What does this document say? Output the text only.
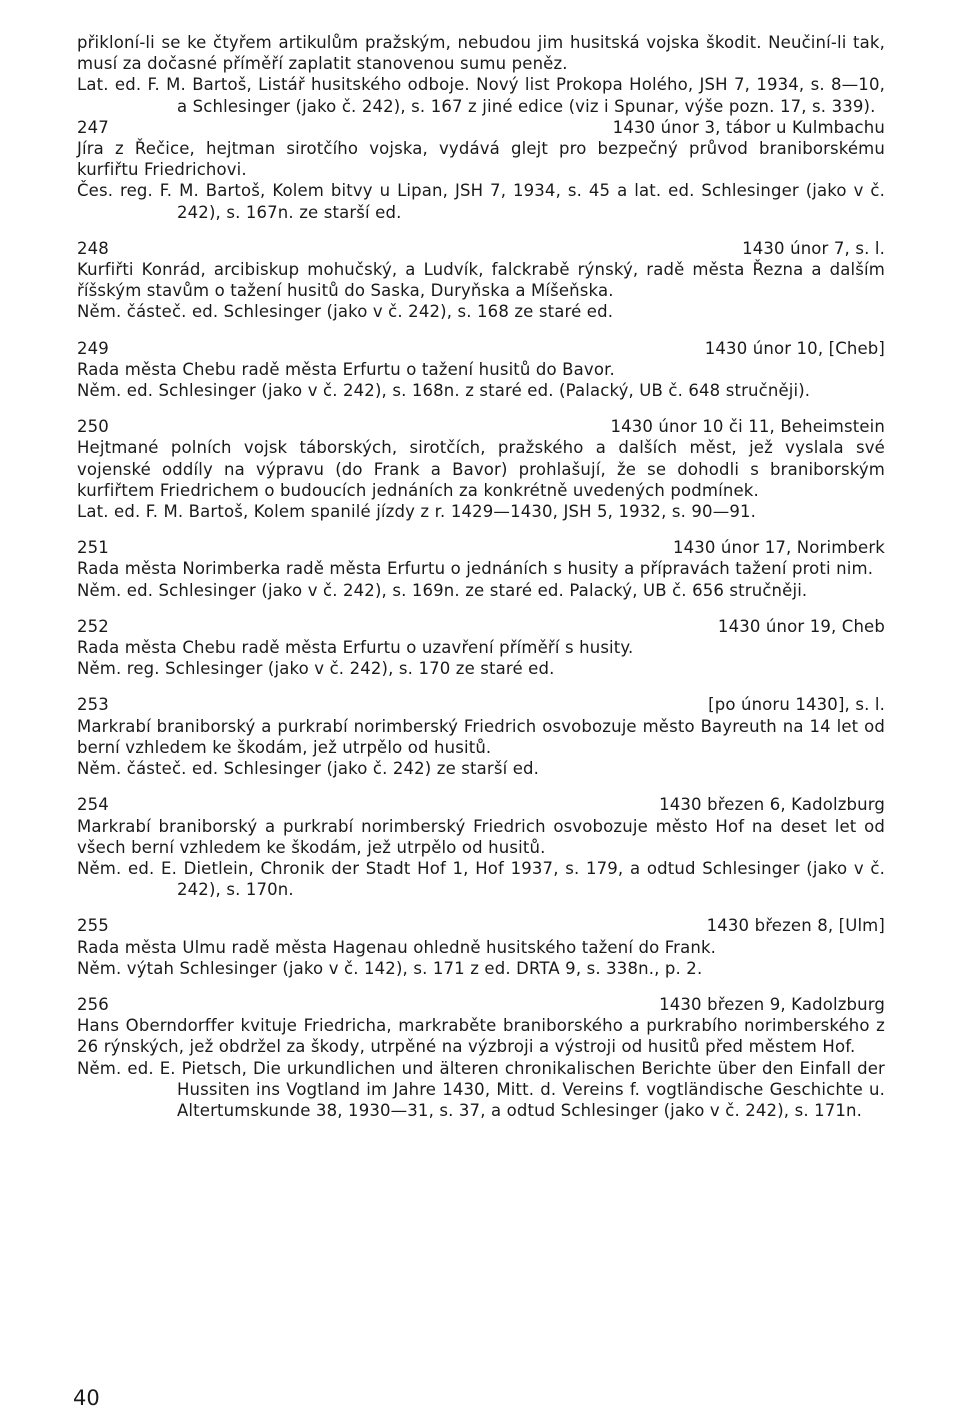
přikloní-li se ke čtyřem artikulům pražským, nebudou jim husitská vojska škodit. Neučiní-li tak, musí za dočasné příměří zaplatit stanovenou sumu peněz.

Lat. ed. F. M. Bartoš, Listář husitského odboje. Nový list Prokopa Holého, JSH 7, 1934, s. 8—10, a Schlesinger (jako č. 242), s. 167 z jiné edice (viz i Spunar, výše pozn. 17, s. 339).

247	1430 únor 3, tábor u Kulmbachu

Jíra z Řečice, hejtman sirotčího vojska, vydává glejt pro bezpečný průvod braniborskému kurfiřtu Friedrichovi.

Čes. reg. F. M. Bartoš, Kolem bitvy u Lipan, JSH 7, 1934, s. 45 a lat. ed. Schlesinger (jako v č. 242), s. 167n. ze starší ed.

248	1430 únor 7, s. l.

Kurfiřti Konrád, arcibiskup mohučský, a Ludvík, falckrabě rýnský, radě města Řezna a dalším říšským stavům o tažení husitů do Saska, Duryňska a Míšeňska.

Něm. částeč. ed. Schlesinger (jako v č. 242), s. 168 ze staré ed.

249	1430 únor 10, [Cheb]

Rada města Chebu radě města Erfurtu o tažení husitů do Bavor.

Něm. ed. Schlesinger (jako v č. 242), s. 168n. z staré ed. (Palacký, UB č. 648 stručněji).

250	1430 únor 10 či 11, Beheimstein

Hejtmané polních vojsk táborských, sirotčích, pražského a dalších měst, jež vyslala své vojenské oddíly na výpravu (do Frank a Bavor) prohlašují, že se dohodli s braniborským kurfiřtem Friedrichem o budoucích jednáních za konkrétně uvedených podmínek.

Lat. ed. F. M. Bartoš, Kolem spanilé jízdy z r. 1429—1430, JSH 5, 1932, s. 90—91.

251	1430 únor 17, Norimberk

Rada města Norimberka radě města Erfurtu o jednáních s husity a přípravách tažení proti nim.

Něm. ed. Schlesinger (jako v č. 242), s. 169n. ze staré ed. Palacký, UB č. 656 stručněji.

252	1430 únor 19, Cheb

Rada města Chebu radě města Erfurtu o uzavření příměří s husity.

Něm. reg. Schlesinger (jako v č. 242), s. 170 ze staré ed.

253	[po únoru 1430], s. l.

Markrabí braniborský a purkrabí norimberský Friedrich osvobozuje město Bayreuth na 14 let od berní vzhledem ke škodám, jež utrpělo od husitů.

Něm. částeč. ed. Schlesinger (jako č. 242) ze starší ed.

254	1430 březen 6, Kadolzburg

Markrabí braniborský a purkrabí norimberský Friedrich osvobozuje město Hof na deset let od všech berní vzhledem ke škodám, jež utrpělo od husitů.

Něm. ed. E. Dietlein, Chronik der Stadt Hof 1, Hof 1937, s. 179, a odtud Schlesinger (jako v č. 242), s. 170n.

255	1430 březen 8, [Ulm]

Rada města Ulmu radě města Hagenau ohledně husitského tažení do Frank.

Něm. výtah Schlesinger (jako v č. 142), s. 171 z ed. DRTA 9, s. 338n., p. 2.

256	1430 březen 9, Kadolzburg

Hans Oberndorffer kvituje Friedricha, markraběte braniborského a purkrabího norimberského z 26 rýnských, jež obdržel za škody, utrpěné na výzbroji a výstroji od husitů před městem Hof.

Něm. ed. E. Pietsch, Die urkundlichen und älteren chronikalischen Berichte über den Einfall der Hussiten ins Vogtland im Jahre 1430, Mitt. d. Vereins f. vogtländische Geschichte u. Altertumskunde 38, 1930—31, s. 37, a odtud Schlesinger (jako v č. 242), s. 171n.

40
